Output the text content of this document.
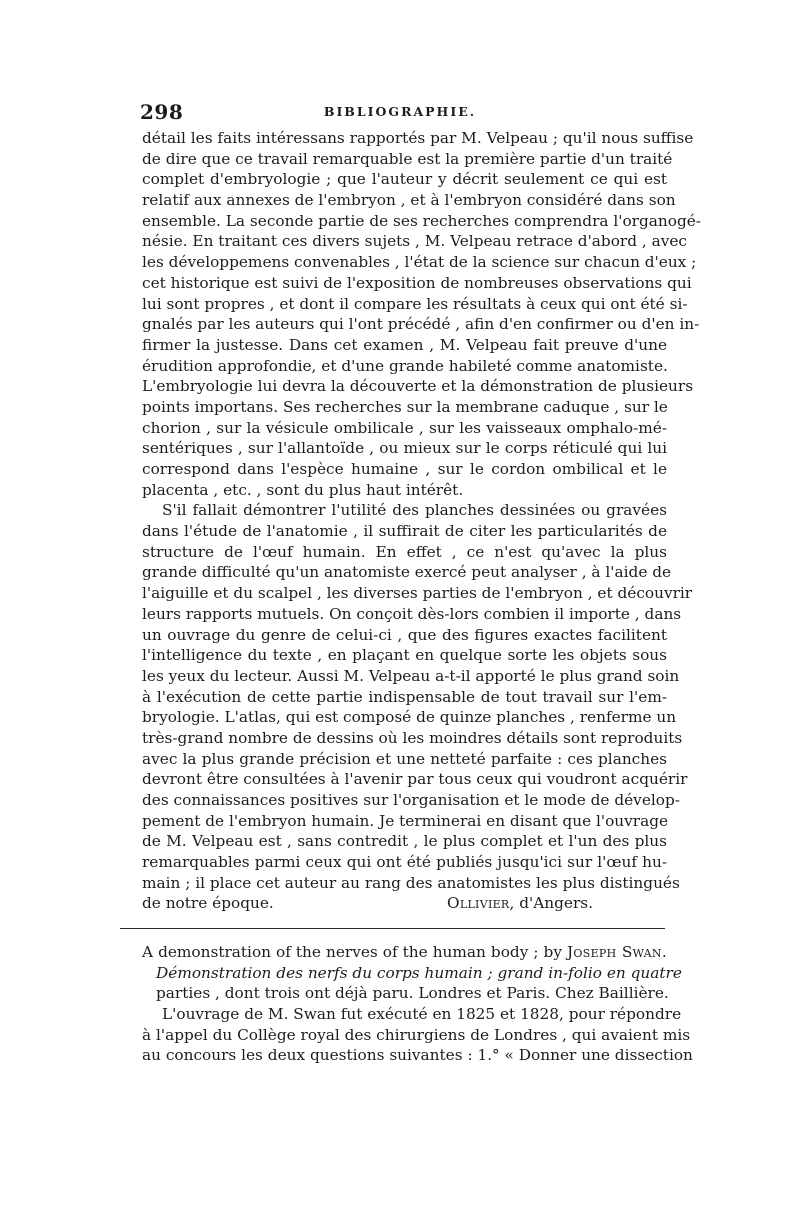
298	BIBLIOGRAPHIE.
détail les faits intéressans rapportés par M. Velpeau ; qu'il nous suffise
de dire que ce travail remarquable est la première partie d'un traité
complet d'embryologie ; que l'auteur y décrit seulement ce qui est
relatif aux annexes de l'embryon , et à l'embryon considéré dans son
ensemble. La seconde partie de ses recherches comprendra l'organogé-
nésie. En traitant ces divers sujets , M. Velpeau retrace d'abord , avec
les développemens convenables , l'état de la science sur chacun d'eux ;
cet historique est suivi de l'exposition de nombreuses observations qui
lui sont propres , et dont il compare les résultats à ceux qui ont été si-
gnalés par les auteurs qui l'ont précédé , afin d'en confirmer ou d'en in-
firmer la justesse. Dans cet examen , M. Velpeau fait preuve d'une
érudition approfondie, et d'une grande habileté comme anatomiste.
L'embryologie lui devra la découverte et la démonstration de plusieurs
points importans. Ses recherches sur la membrane caduque , sur le
chorion , sur la vésicule ombilicale , sur les vaisseaux omphalo-mé-
sentériques , sur l'allantoïde , ou mieux sur le corps réticulé qui lui
correspond dans l'espèce humaine , sur le cordon ombilical et le
placenta , etc. , sont du plus haut intérêt.
S'il fallait démontrer l'utilité des planches dessinées ou gravées
dans l'étude de l'anatomie , il suffirait de citer les particularités de
structure de l'œuf humain. En effet , ce n'est qu'avec la plus
grande difficulté qu'un anatomiste exercé peut analyser , à l'aide de
l'aiguille et du scalpel , les diverses parties de l'embryon , et découvrir
leurs rapports mutuels. On conçoit dès-lors combien il importe , dans
un ouvrage du genre de celui-ci , que des figures exactes facilitent
l'intelligence du texte , en plaçant en quelque sorte les objets sous
les yeux du lecteur. Aussi M. Velpeau a-t-il apporté le plus grand soin
à l'exécution de cette partie indispensable de tout travail sur l'em-
bryologie. L'atlas, qui est composé de quinze planches , renferme un
très-grand nombre de dessins où les moindres détails sont reproduits
avec la plus grande précision et une netteté parfaite : ces planches
devront être consultées à l'avenir par tous ceux qui voudront acquérir
des connaissances positives sur l'organisation et le mode de dévelop-
pement de l'embryon humain. Je terminerai en disant que l'ouvrage
de M. Velpeau est , sans contredit , le plus complet et l'un des plus
remarquables parmi ceux qui ont été publiés jusqu'ici sur l'œuf hu-
main ; il place cet auteur au rang des anatomistes les plus distingués
de notre époque.	Ollivier, d'Angers.
A demonstration of the nerves of the human body ; by Joseph Swan.
Démonstration des nerfs du corps humain ; grand in-folio en quatre
parties , dont trois ont déjà paru. Londres et Paris. Chez Baillière.
L'ouvrage de M. Swan fut exécuté en 1825 et 1828, pour répondre
à l'appel du Collège royal des chirurgiens de Londres , qui avaient mis
au concours les deux questions suivantes : 1.° « Donner une dissection
